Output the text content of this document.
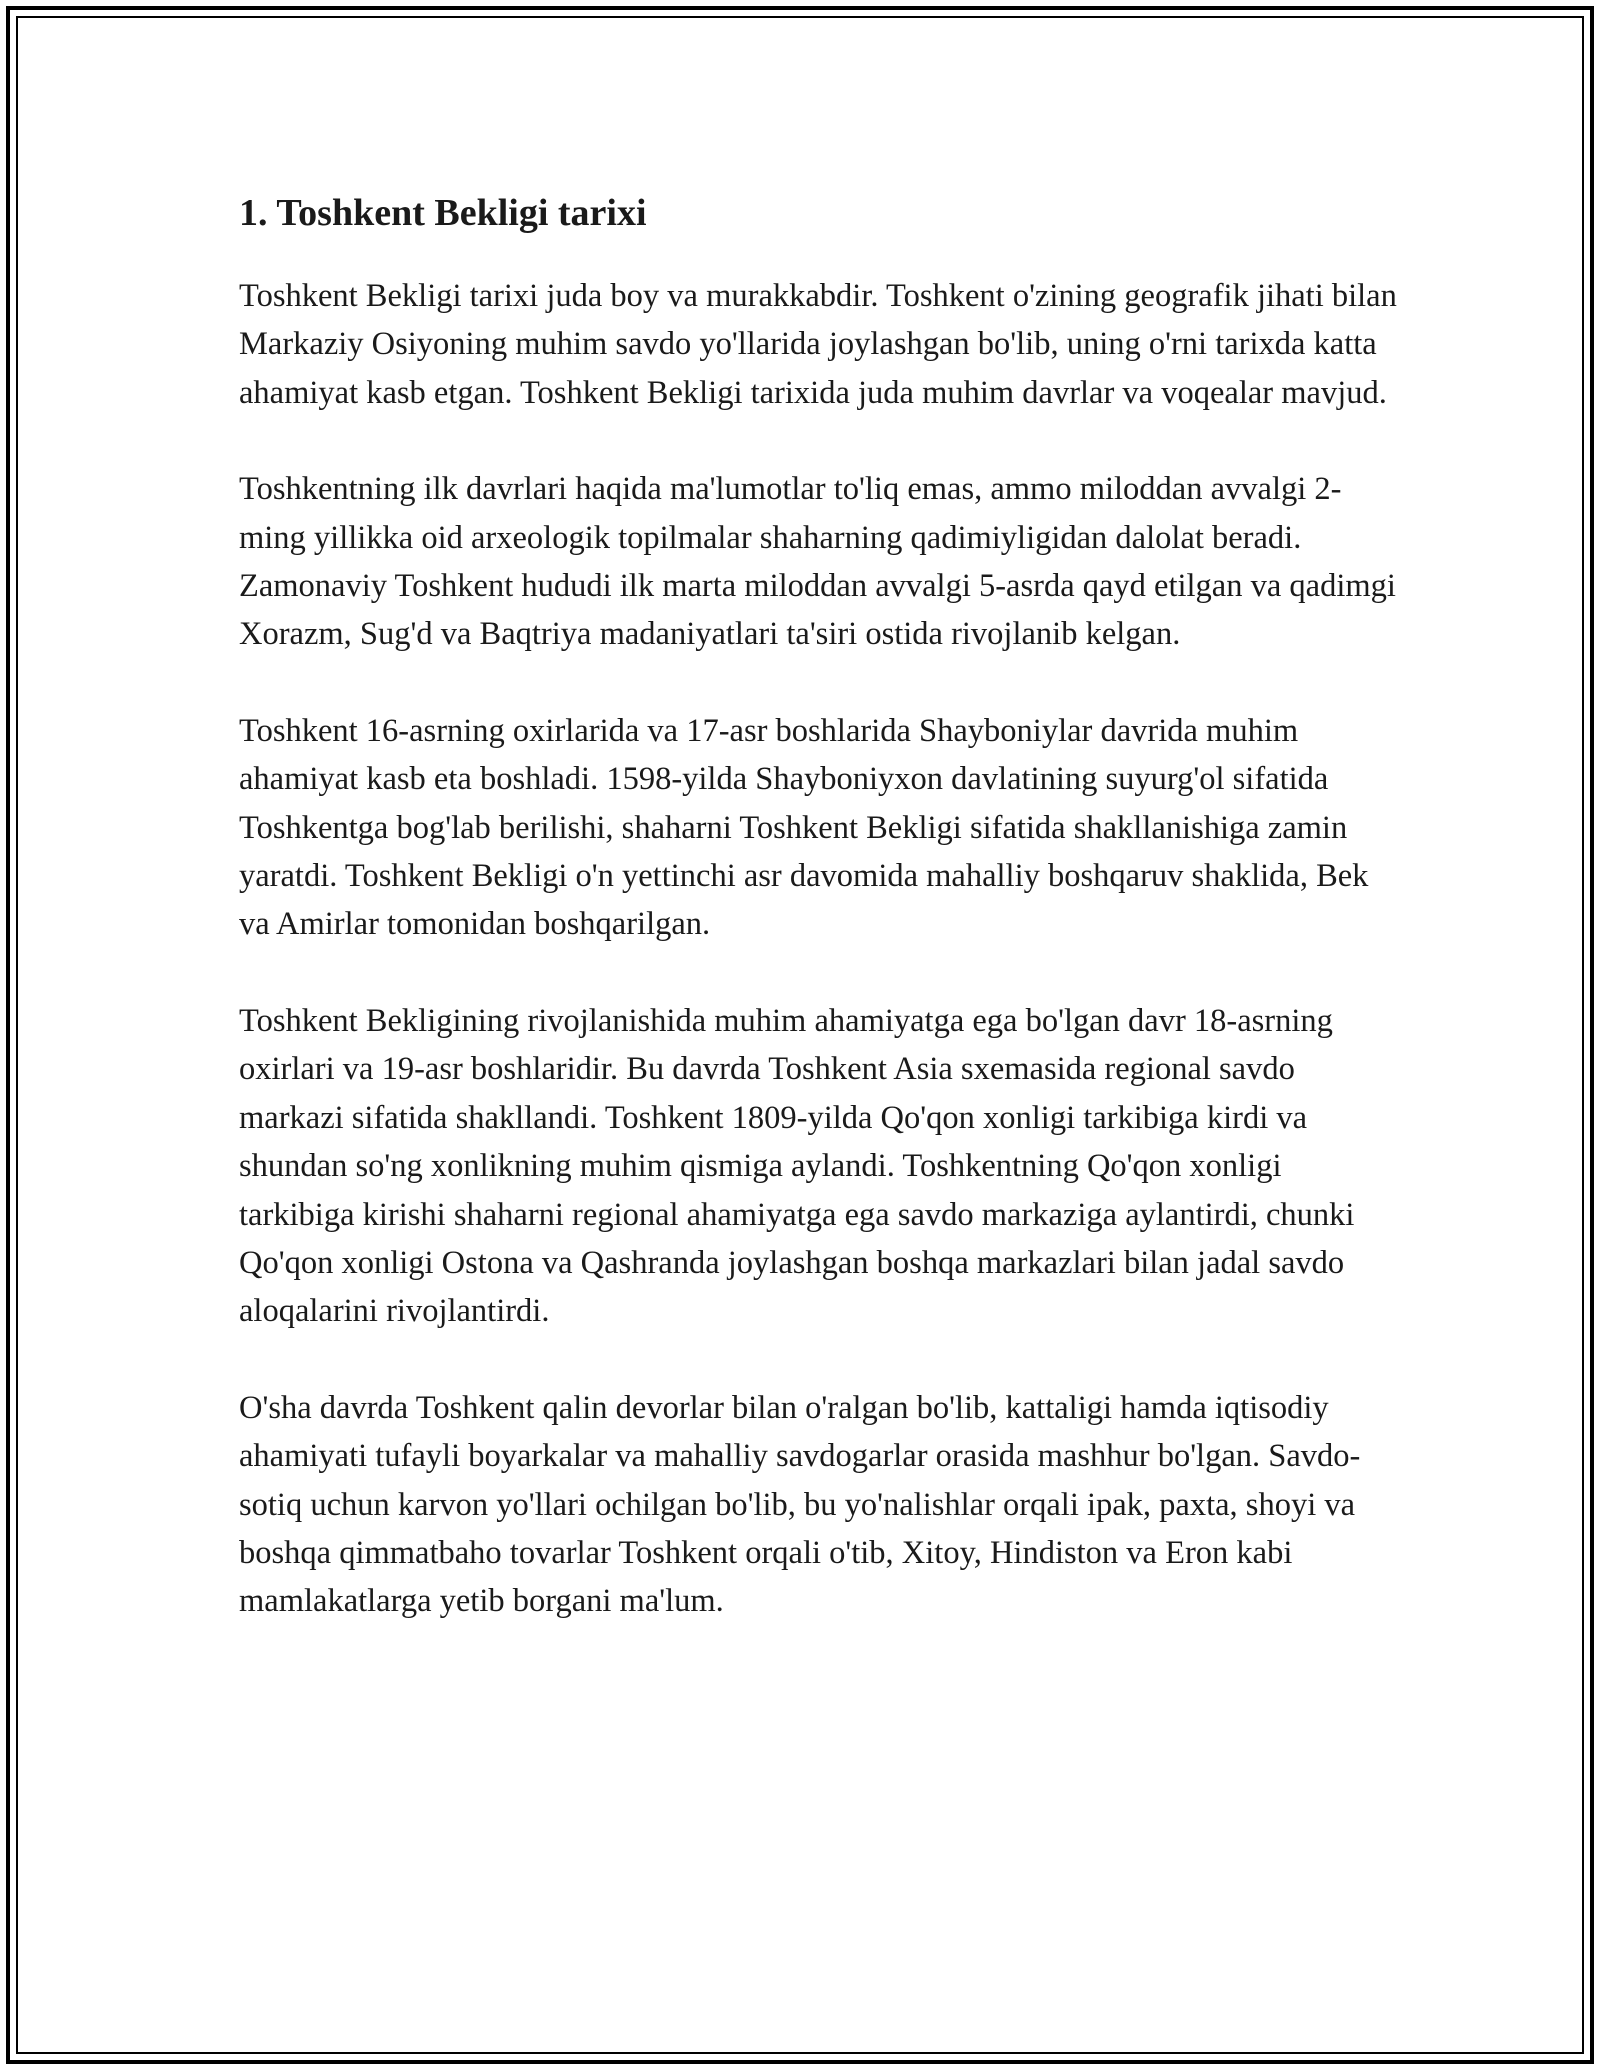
1. Toshkent Bekligi tarixi

Toshkent Bekligi tarixi juda boy va murakkabdir. Toshkent o'zining geografik jihati bilan Markaziy Osiyoning muhim savdo yo'llarida joylashgan bo'lib, uning o'rni tarixda katta ahamiyat kasb etgan. Toshkent Bekligi tarixida juda muhim davrlar va voqealar mavjud.

Toshkentning ilk davrlari haqida ma'lumotlar to'liq emas, ammo miloddan avvalgi 2-ming yillikka oid arxeologik topilmalar shaharning qadimiyligidan dalolat beradi. Zamonaviy Toshkent hududi ilk marta miloddan avvalgi 5-asrda qayd etilgan va qadimgi Xorazm, Sug'd va Baqtriya madaniyatlari ta'siri ostida rivojlanib kelgan.

Toshkent 16-asrning oxirlarida va 17-asr boshlarida Shayboniylar davrida muhim ahamiyat kasb eta boshladi. 1598-yilda Shayboniyxon davlatining suyurg'ol sifatida Toshkentga bog'lab berilishi, shaharni Toshkent Bekligi sifatida shakllanishiga zamin yaratdi. Toshkent Bekligi o'n yettinchi asr davomida mahalliy boshqaruv shaklida, Bek va Amirlar tomonidan boshqarilgan.

Toshkent Bekligining rivojlanishida muhim ahamiyatga ega bo'lgan davr 18-asrning oxirlari va 19-asr boshlaridir. Bu davrda Toshkent Asia sxemasida regional savdo markazi sifatida shakllandi. Toshkent 1809-yilda Qo'qon xonligi tarkibiga kirdi va shundan so'ng xonlikning muhim qismiga aylandi. Toshkentning Qo'qon xonligi tarkibiga kirishi shaharni regional ahamiyatga ega savdo markaziga aylantirdi, chunki Qo'qon xonligi Ostona va Qashranda joylashgan boshqa markazlari bilan jadal savdo aloqalarini rivojlantirdi.

O'sha davrda Toshkent qalin devorlar bilan o'ralgan bo'lib, kattaligi hamda iqtisodiy ahamiyati tufayli boyarkalar va mahalliy savdogarlar orasida mashhur bo'lgan. Savdo-sotiq uchun karvon yo'llari ochilgan bo'lib, bu yo'nalishlar orqali ipak, paxta, shoyi va boshqa qimmatbaho tovarlar Toshkent orqali o'tib, Xitoy, Hindiston va Eron kabi mamlakatlarga yetib borgani ma'lum.
